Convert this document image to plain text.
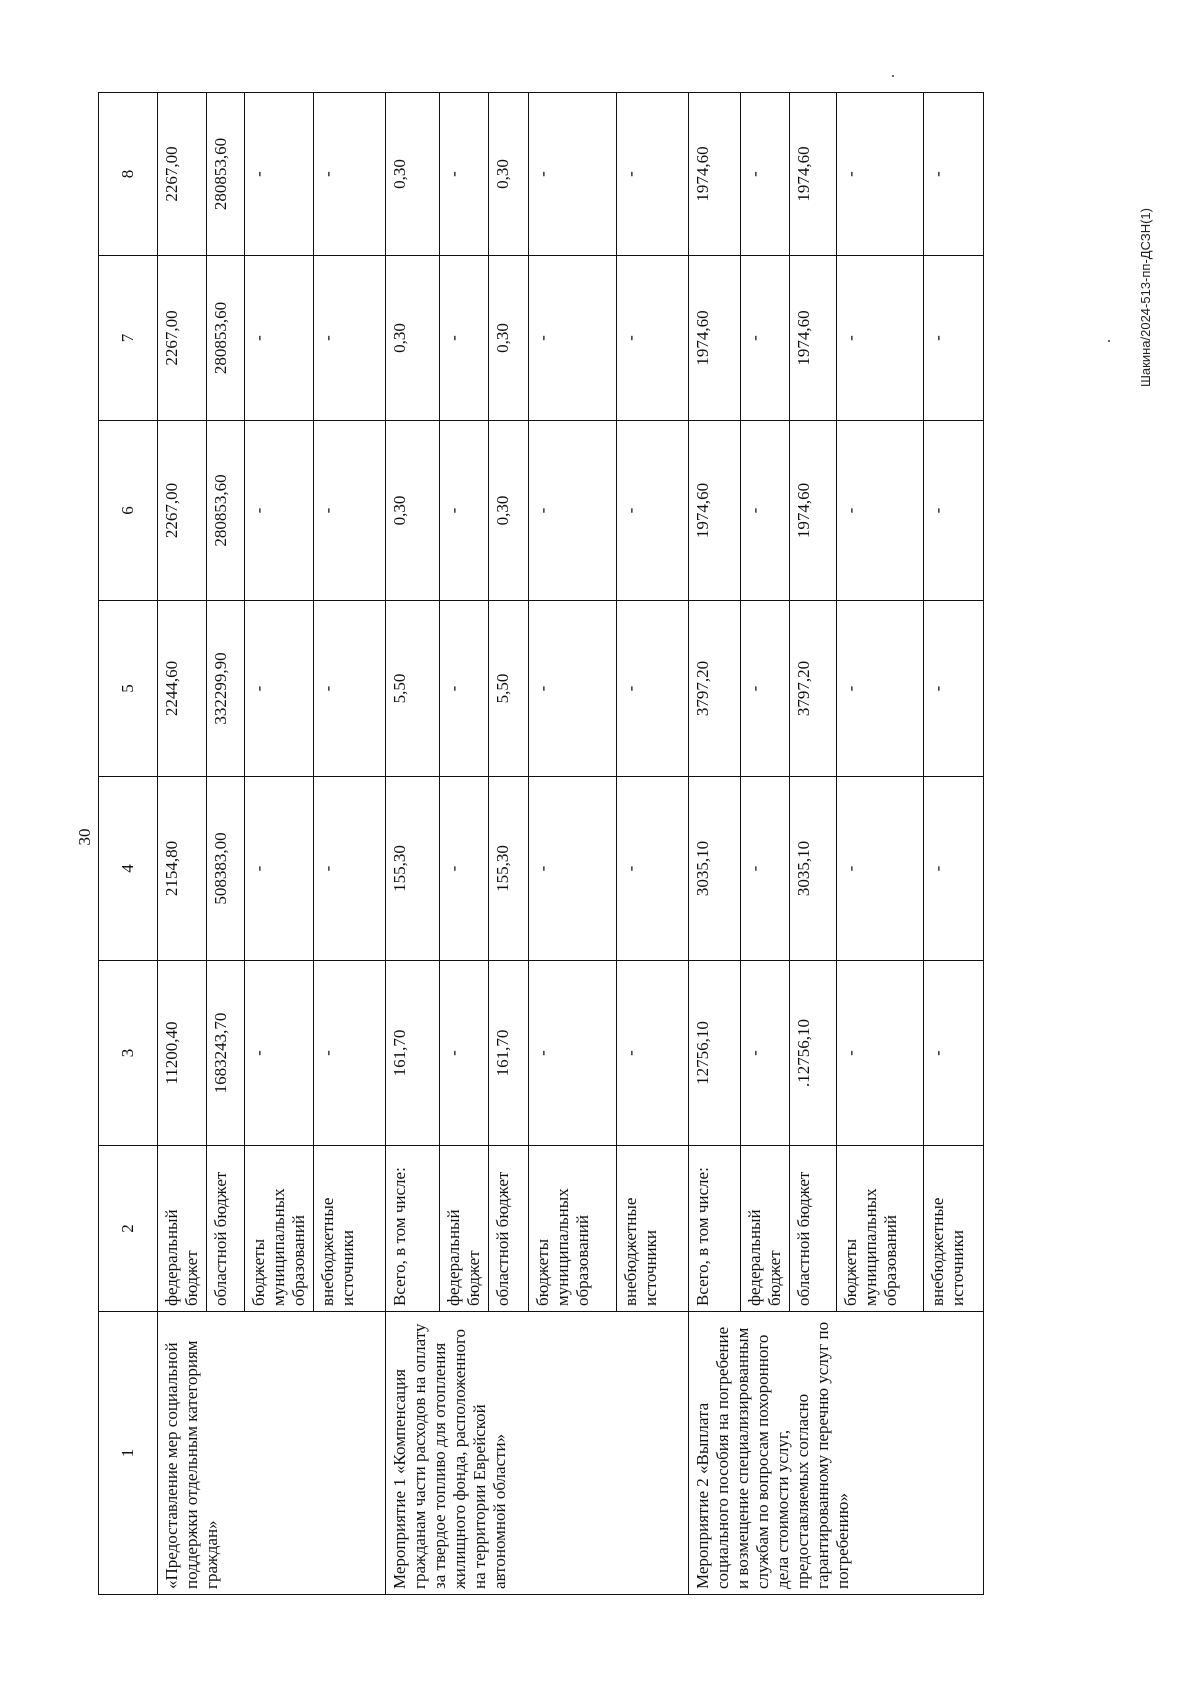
30
1	2	3	4	5	6	7	8
«Предоставление мер социальной поддержки отдельным категориям граждан»	федеральный бюджет	11200,40	2154,80	2244,60	2267,00	2267,00	2267,00
	областной бюджет	1683243,70	508383,00	332299,90	280853,60	280853,60	280853,60
	бюджеты муниципальных образований	-	-	-	-	-	-
	внебюджетные источники	-	-	-	-	-	-
Мероприятие 1 «Компенсация гражданам части расходов на оплату за твердое топливо для отопления жилищного фонда, расположенного на территории Еврейской автономной области»	Всего, в том числе:	161,70	155,30	5,50	0,30	0,30	0,30
	федеральный бюджет	-	-	-	-	-	-
	областной бюджет	161,70	155,30	5,50	0,30	0,30	0,30
	бюджеты муниципальных образований	-	-	-	-	-	-
	внебюджетные источники	-	-	-	-	-	-
Мероприятие 2 «Выплата социального пособия на погребение и возмещение специализированным службам по вопросам похоронного дела стоимости услуг, предоставляемых согласно гарантированному перечню услуг по погребению»	Всего, в том числе:	12756,10	3035,10	3797,20	1974,60	1974,60	1974,60
	федеральный бюджет	-	-	-	-	-	-
	областной бюджет	.12756,10	3035,10	3797,20	1974,60	1974,60	1974,60
	бюджеты муниципальных образований	-	-	-	-	-	-
	внебюджетные источники	-	-	-	-	-	-
Шакина/2024-513-пп-ДСЗН(1)
